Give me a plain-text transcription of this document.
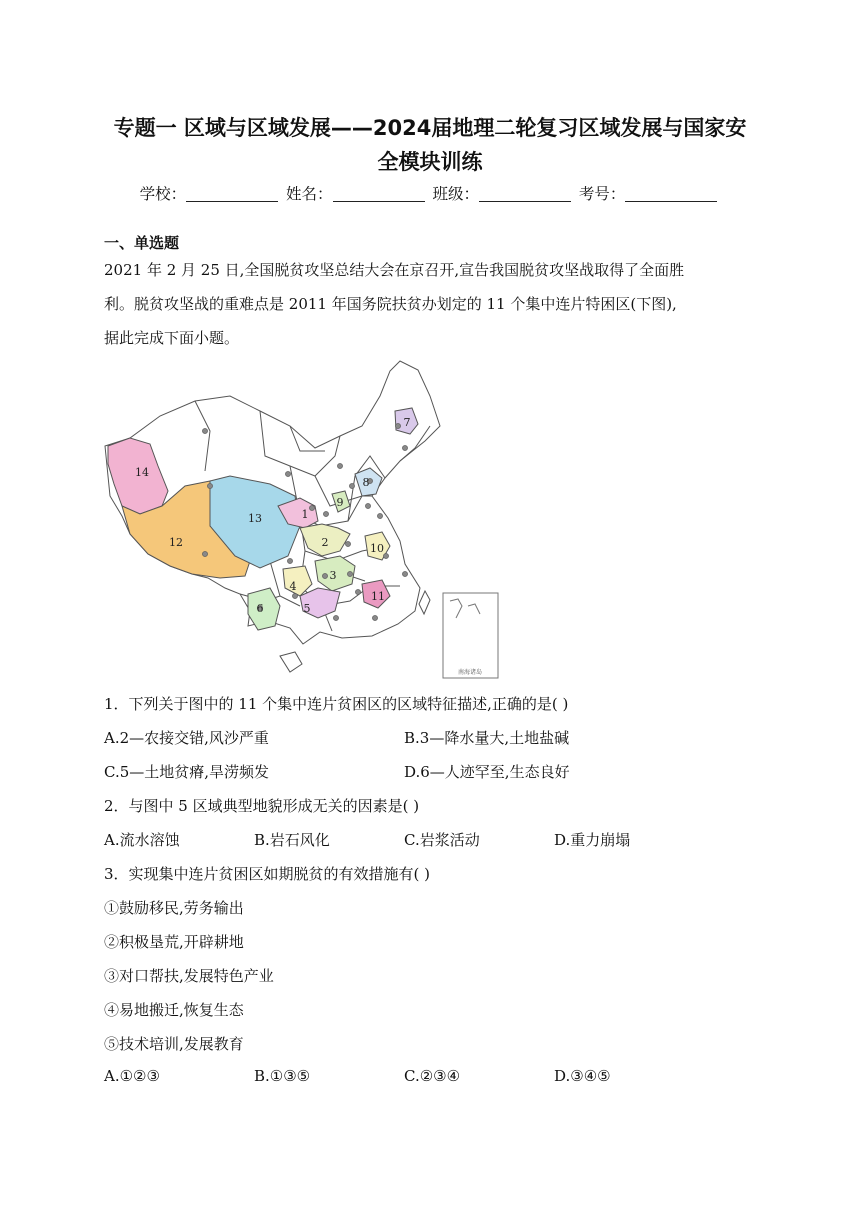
专题一 区域与区域发展——2024届地理二轮复习区域发展与国家安
全模块训练
学校：	姓名：	班级：	考号：
一、单选题
2021 年 2 月 25 日,全国脱贫攻坚总结大会在京召开,宣告我国脱贫攻坚战取得了全面胜
利。脱贫攻坚战的重难点是 2011 年国务院扶贫办划定的 11 个集中连片特困区(下图),
据此完成下面小题。
1
2
3
4
5
6
7
8
9
10
11
12
13
14
南海诸岛
1．下列关于图中的 11 个集中连片贫困区的区域特征描述,正确的是( )
A.2—农接交错,风沙严重	B.3—降水量大,土地盐碱
C.5—土地贫瘠,旱涝频发	D.6—人迹罕至,生态良好
2．与图中 5 区域典型地貌形成无关的因素是( )
A.流水溶蚀	B.岩石风化	C.岩浆活动	D.重力崩塌
3．实现集中连片贫困区如期脱贫的有效措施有( )
①鼓励移民,劳务输出
②积极垦荒,开辟耕地
③对口帮扶,发展特色产业
④易地搬迁,恢复生态
⑤技术培训,发展教育
A.①②③	B.①③⑤	C.②③④	D.③④⑤
